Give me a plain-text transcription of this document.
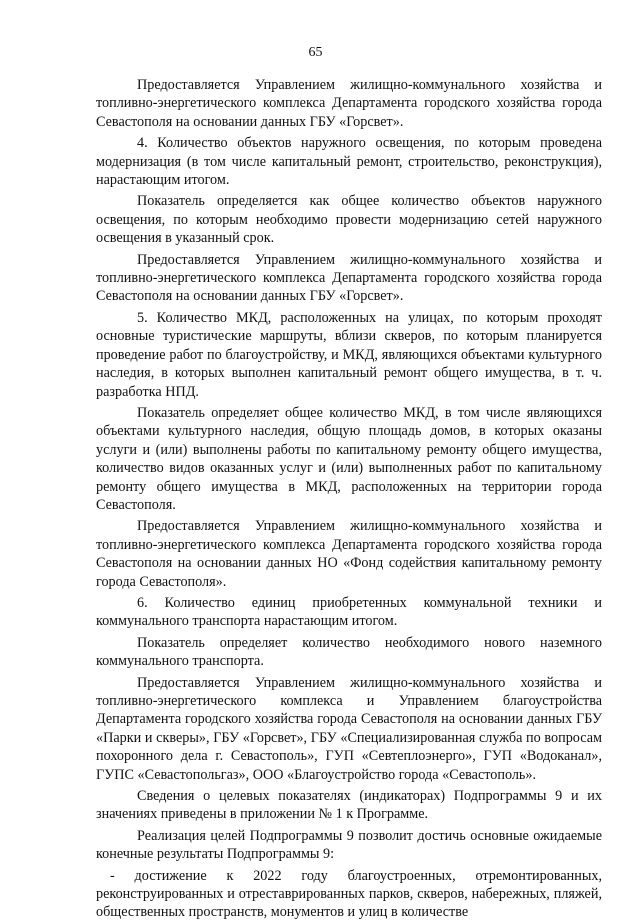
65

Предоставляется Управлением жилищно-коммунального хозяйства и топливно-энергетического комплекса Департамента городского хозяйства города Севастополя на основании данных ГБУ «Горсвет».

4. Количество объектов наружного освещения, по которым проведена модернизация (в том числе капитальный ремонт, строительство, реконструкция), нарастающим итогом.

Показатель определяется как общее количество объектов наружного освещения, по которым необходимо провести модернизацию сетей наружного освещения в указанный срок.

Предоставляется Управлением жилищно-коммунального хозяйства и топливно-энергетического комплекса Департамента городского хозяйства города Севастополя на основании данных ГБУ «Горсвет».

5. Количество МКД, расположенных на улицах, по которым проходят основные туристические маршруты, вблизи скверов, по которым планируется проведение работ по благоустройству, и МКД, являющихся объектами культурного наследия, в которых выполнен капитальный ремонт общего имущества, в т. ч. разработка НПД.

Показатель определяет общее количество МКД, в том числе являющихся объектами культурного наследия, общую площадь домов, в которых оказаны услуги и (или) выполнены работы по капитальному ремонту общего имущества, количество видов оказанных услуг и (или) выполненных работ по капитальному ремонту общего имущества в МКД, расположенных на территории города Севастополя.

Предоставляется Управлением жилищно-коммунального хозяйства и топливно-энергетического комплекса Департамента городского хозяйства города Севастополя на основании данных НО «Фонд содействия капитальному ремонту города Севастополя».

6. Количество единиц приобретенных коммунальной техники и коммунального транспорта нарастающим итогом.

Показатель определяет количество необходимого нового наземного коммунального транспорта.

Предоставляется Управлением жилищно-коммунального хозяйства и топливно-энергетического комплекса и Управлением благоустройства Департамента городского хозяйства города Севастополя на основании данных ГБУ «Парки и скверы», ГБУ «Горсвет», ГБУ «Специализированная служба по вопросам похоронного дела г. Севастополь», ГУП «Севтеплоэнерго», ГУП «Водоканал», ГУПС «Севастопольгаз», ООО «Благоустройство города «Севастополь».

Сведения о целевых показателях (индикаторах) Подпрограммы 9 и их значениях приведены в приложении № 1 к Программе.

Реализация целей Подпрограммы 9 позволит достичь основные ожидаемые конечные результаты Подпрограммы 9:

- достижение к 2022 году благоустроенных, отремонтированных, реконструированных и отреставрированных парков, скверов, набережных, пляжей, общественных пространств, монументов и улиц в количестве
